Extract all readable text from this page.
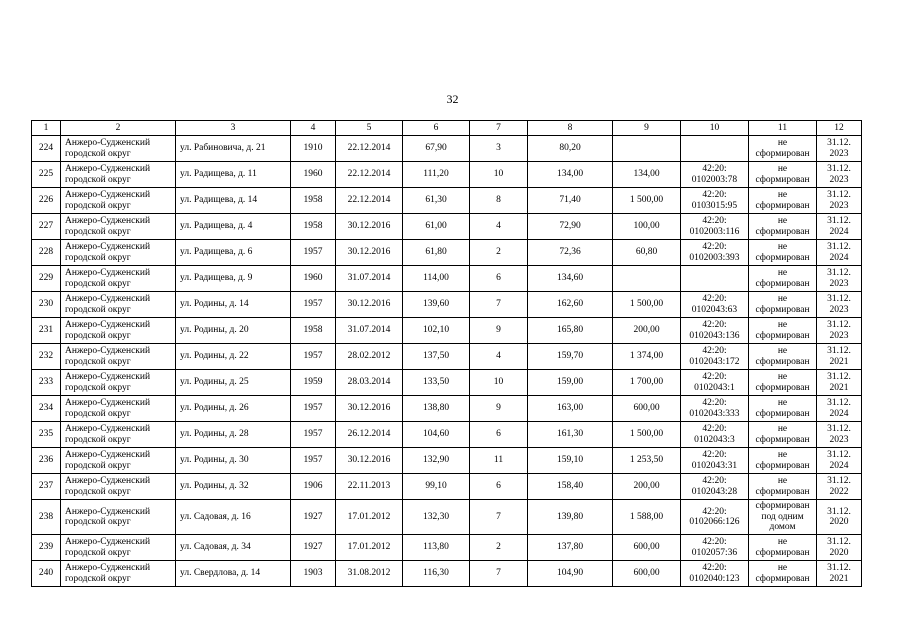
32
1	2	3	4	5	6	7	8	9	10	11	12
224	Анжеро-Судженский
городской округ	ул. Рабиновича, д. 21	1910	22.12.2014	67,90	3	80,20			не
сформирован	31.12.
2023
225	Анжеро-Судженский
городской округ	ул. Радищева, д. 11	1960	22.12.2014	111,20	10	134,00	134,00	42:20:
0102003:78	не
сформирован	31.12.
2023
226	Анжеро-Судженский
городской округ	ул. Радищева, д. 14	1958	22.12.2014	61,30	8	71,40	1 500,00	42:20:
0103015:95	не
сформирован	31.12.
2023
227	Анжеро-Судженский
городской округ	ул. Радищева, д. 4	1958	30.12.2016	61,00	4	72,90	100,00	42:20:
0102003:116	не
сформирован	31.12.
2024
228	Анжеро-Судженский
городской округ	ул. Радищева, д. 6	1957	30.12.2016	61,80	2	72,36	60,80	42:20:
0102003:393	не
сформирован	31.12.
2024
229	Анжеро-Судженский
городской округ	ул. Радищева, д. 9	1960	31.07.2014	114,00	6	134,60			не
сформирован	31.12.
2023
230	Анжеро-Судженский
городской округ	ул. Родины, д. 14	1957	30.12.2016	139,60	7	162,60	1 500,00	42:20:
0102043:63	не
сформирован	31.12.
2023
231	Анжеро-Судженский
городской округ	ул. Родины, д. 20	1958	31.07.2014	102,10	9	165,80	200,00	42:20:
0102043:136	не
сформирован	31.12.
2023
232	Анжеро-Судженский
городской округ	ул. Родины, д. 22	1957	28.02.2012	137,50	4	159,70	1 374,00	42:20:
0102043:172	не
сформирован	31.12.
2021
233	Анжеро-Судженский
городской округ	ул. Родины, д. 25	1959	28.03.2014	133,50	10	159,00	1 700,00	42:20:
0102043:1	не
сформирован	31.12.
2021
234	Анжеро-Судженский
городской округ	ул. Родины, д. 26	1957	30.12.2016	138,80	9	163,00	600,00	42:20:
0102043:333	не
сформирован	31.12.
2024
235	Анжеро-Судженский
городской округ	ул. Родины, д. 28	1957	26.12.2014	104,60	6	161,30	1 500,00	42:20:
0102043:3	не
сформирован	31.12.
2023
236	Анжеро-Судженский
городской округ	ул. Родины, д. 30	1957	30.12.2016	132,90	11	159,10	1 253,50	42:20:
0102043:31	не
сформирован	31.12.
2024
237	Анжеро-Судженский
городской округ	ул. Родины, д. 32	1906	22.11.2013	99,10	6	158,40	200,00	42:20:
0102043:28	не
сформирован	31.12.
2022
238	Анжеро-Судженский
городской округ	ул. Садовая, д. 16	1927	17.01.2012	132,30	7	139,80	1 588,00	42:20:
0102066:126	сформирован
под одним
домом	31.12.
2020
239	Анжеро-Судженский
городской округ	ул. Садовая, д. 34	1927	17.01.2012	113,80	2	137,80	600,00	42:20:
0102057:36	не
сформирован	31.12.
2020
240	Анжеро-Судженский
городской округ	ул. Свердлова, д. 14	1903	31.08.2012	116,30	7	104,90	600,00	42:20:
0102040:123	не
сформирован	31.12.
2021
